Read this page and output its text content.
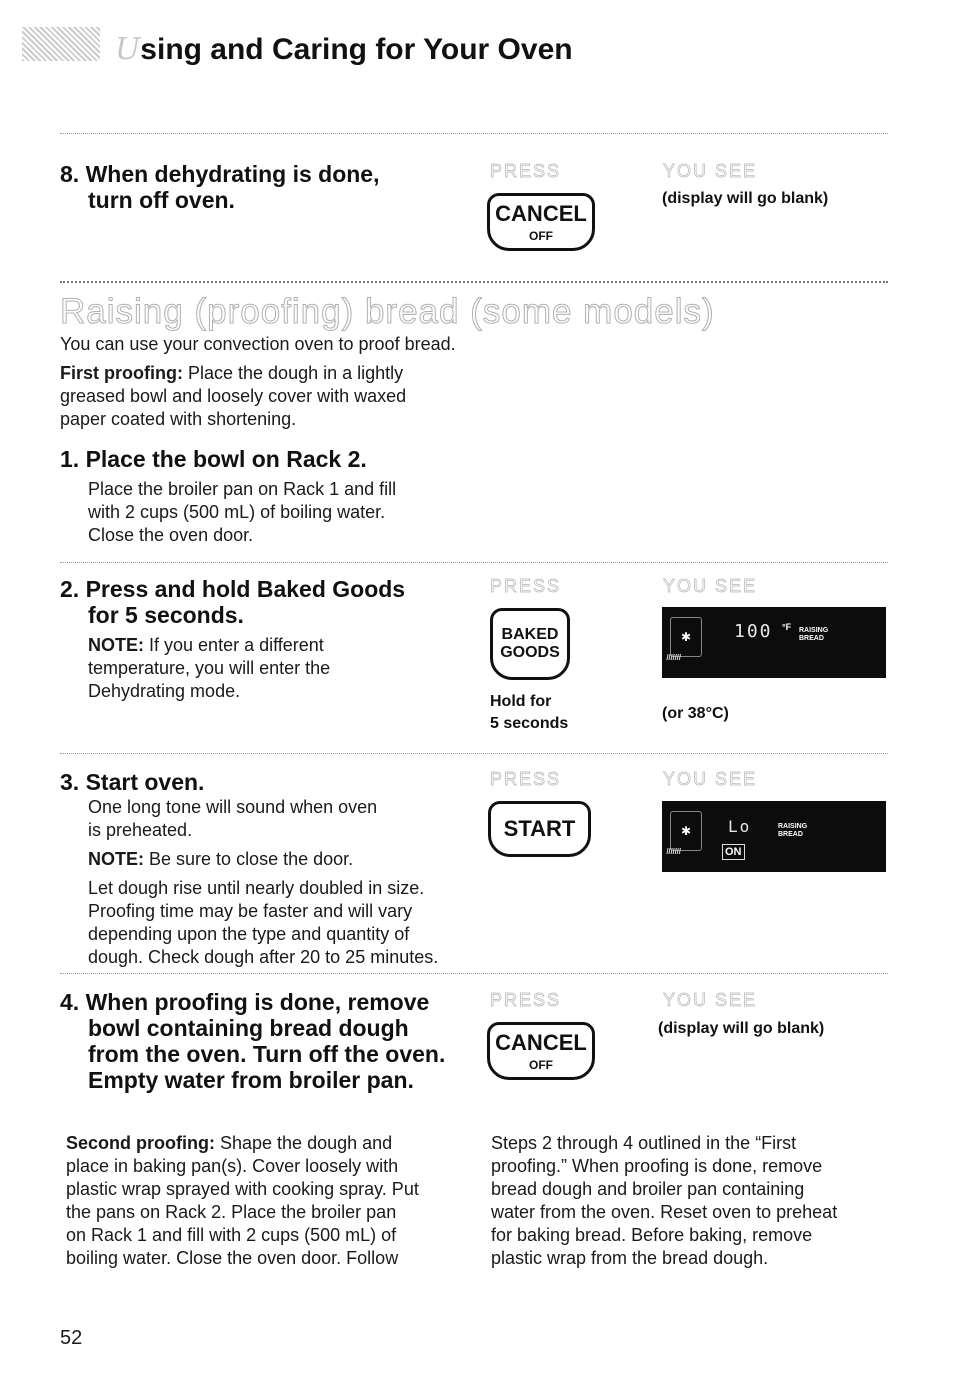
Using and Caring for Your Oven
8. When dehydrating is done,
turn off oven.
PRESS	YOU SEE
CANCEL
OFF
(display will go blank)
Raising (proofing) bread (some models)
You can use your convection oven to proof bread.
First proofing: Place the dough in a lightly
greased bowl and loosely cover with waxed
paper coated with shortening.
1. Place the bowl on Rack 2.
Place the broiler pan on Rack 1 and fill
with 2 cups (500 mL) of boiling water.
Close the oven door.
2. Press and hold Baked Goods
for 5 seconds.
NOTE: If you enter a different
temperature, you will enter the
Dehydrating mode.
PRESS	YOU SEE
BAKED
GOODS
Hold for
5 seconds
✱	100 °F RAISING
BREAD
ııııııı
(or 38°C)
3. Start oven.
One long tone will sound when oven
is preheated.
NOTE: Be sure to close the door.
Let dough rise until nearly doubled in size.
Proofing time may be faster and will vary
depending upon the type and quantity of
dough. Check dough after 20 to 25 minutes.
PRESS	YOU SEE
START	✱	Lo	RAISING
BREAD
ııııııı	ON
4. When proofing is done, remove
bowl containing bread dough
from the oven. Turn off the oven.
Empty water from broiler pan.
PRESS	YOU SEE
CANCEL
OFF
(display will go blank)
Second proofing: Shape the dough and
place in baking pan(s). Cover loosely with
plastic wrap sprayed with cooking spray. Put
the pans on Rack 2. Place the broiler pan
on Rack 1 and fill with 2 cups (500 mL) of
boiling water. Close the oven door. Follow
Steps 2 through 4 outlined in the “First
proofing.” When proofing is done, remove
bread dough and broiler pan containing
water from the oven. Reset oven to preheat
for baking bread. Before baking, remove
plastic wrap from the bread dough.
52
